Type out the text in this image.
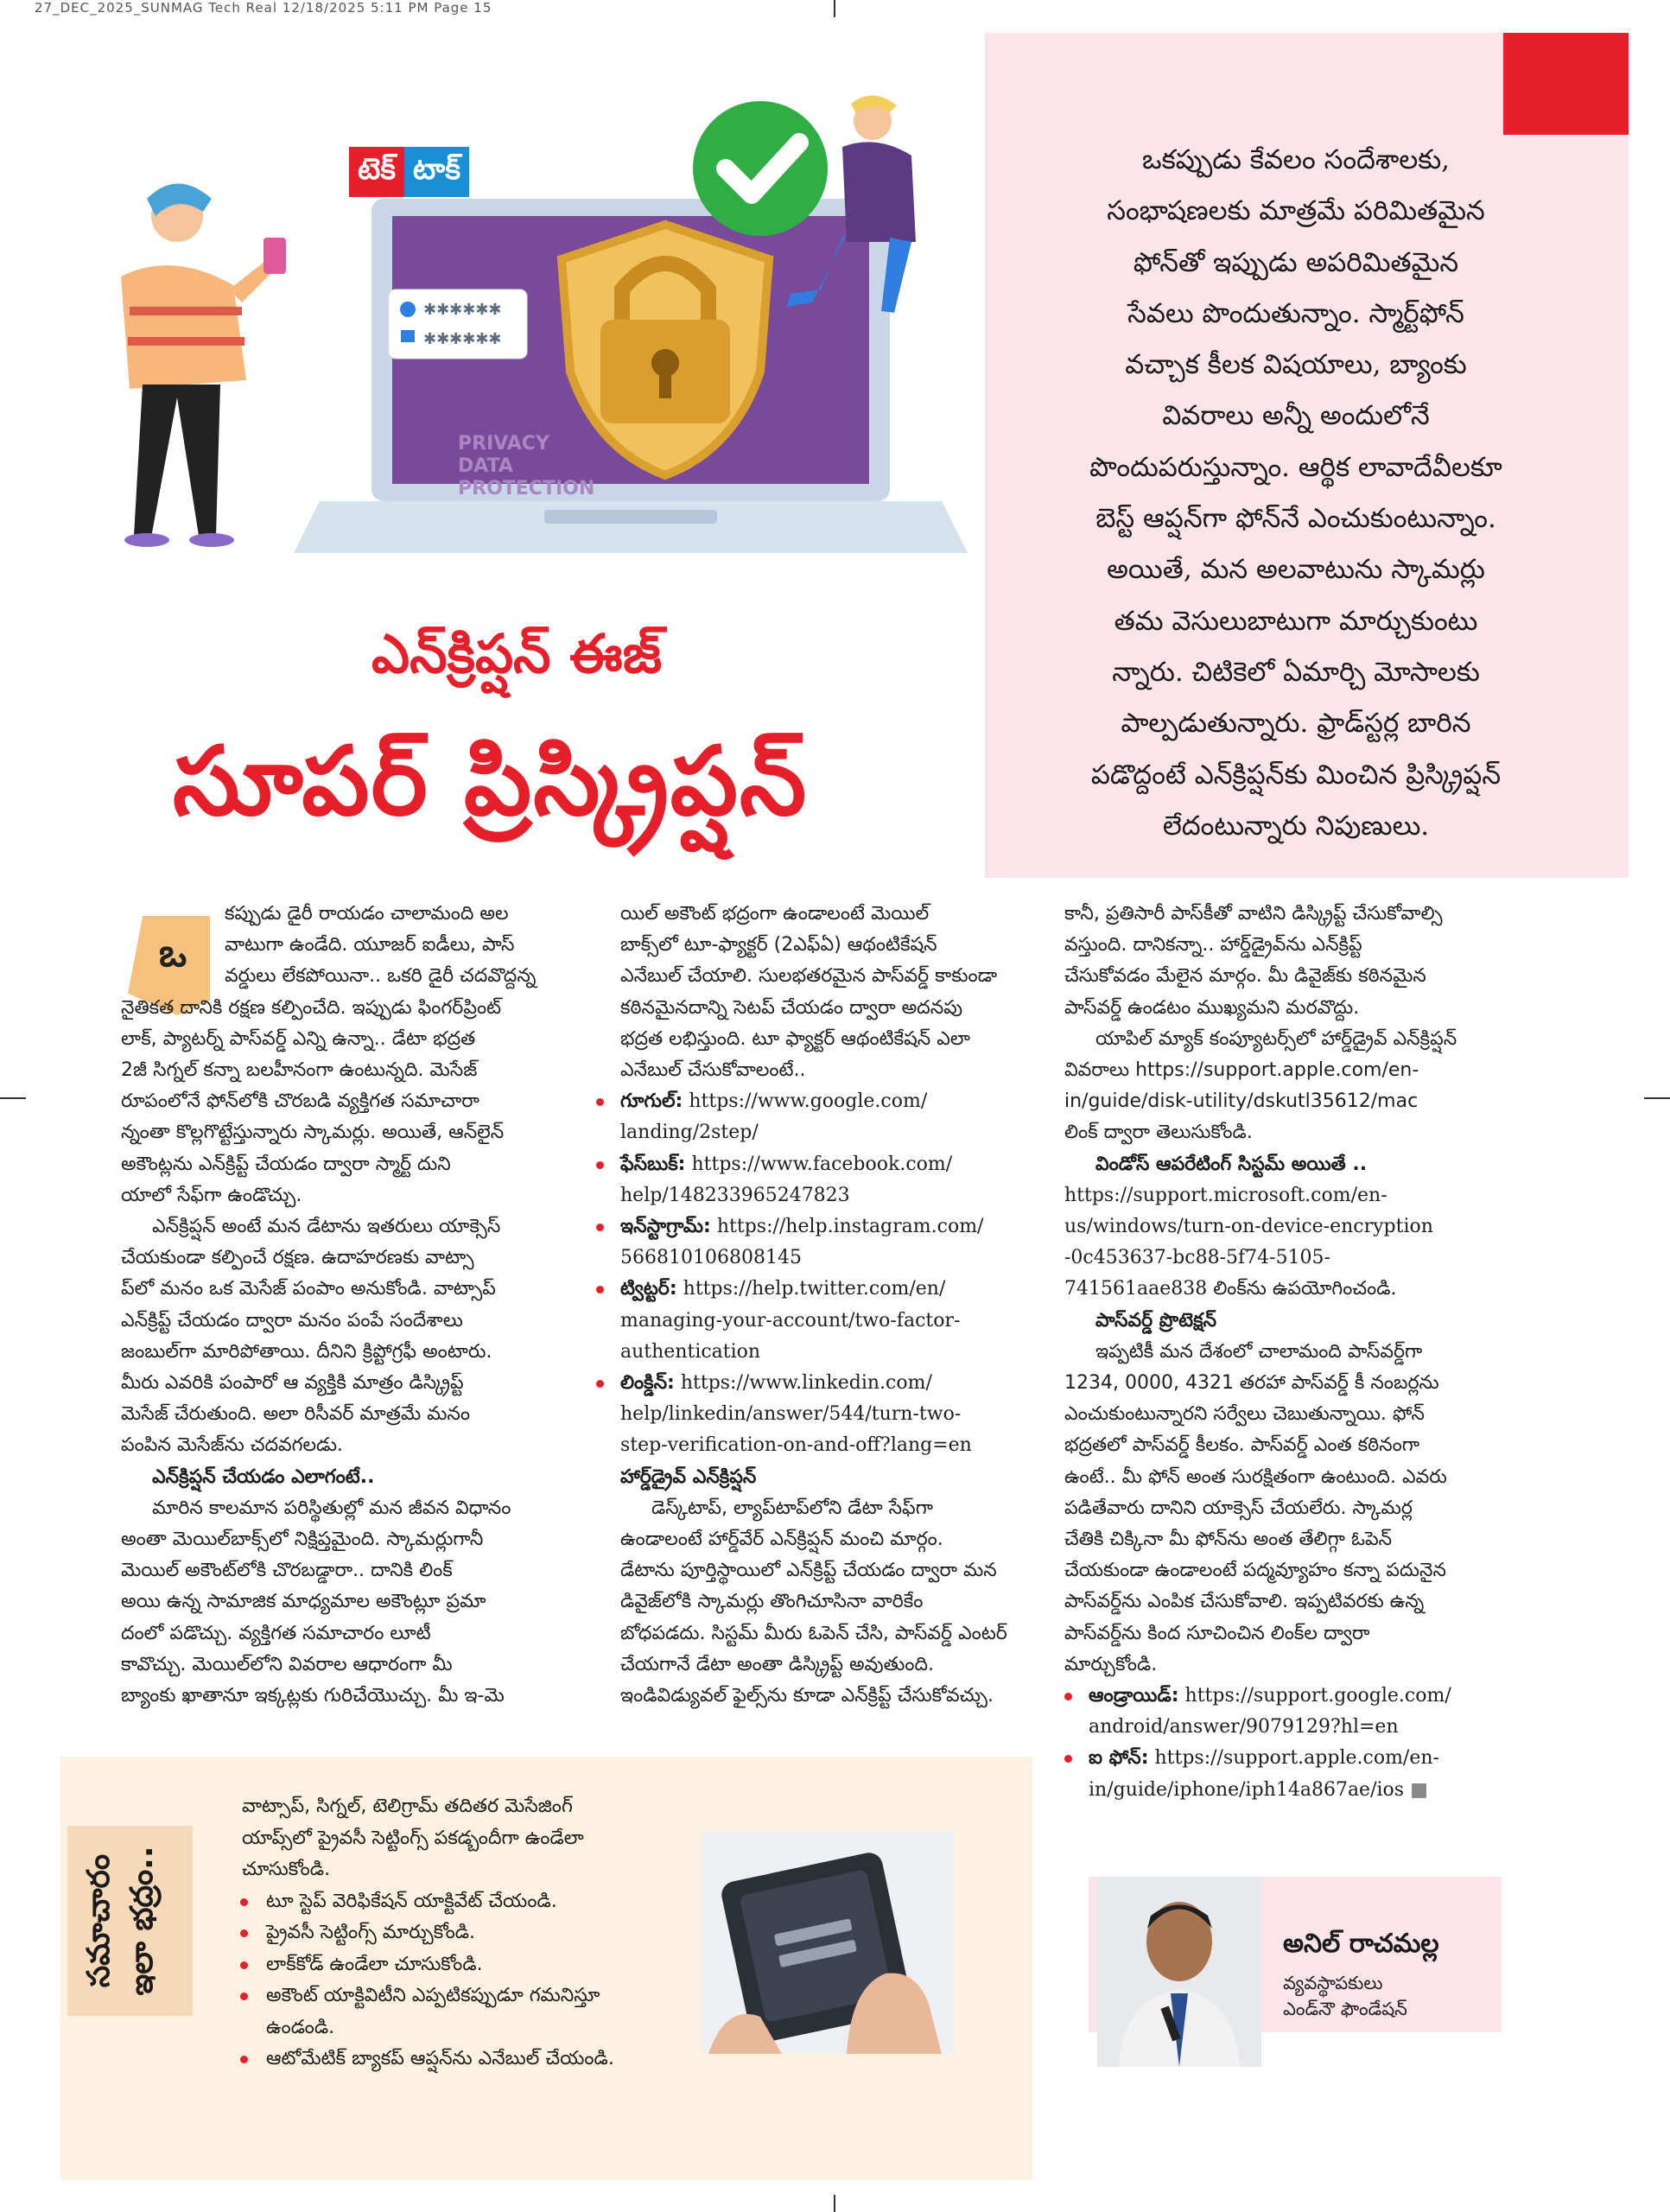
27_DEC_2025_SUNMAG Tech Real 12/18/2025 5:11 PM Page 15
ఒకప్పుడు కేవలం సందేశాలకు,
సంభాషణలకు మాత్రమే పరిమితమైన
ఫోన్‌తో ఇప్పుడు అపరిమితమైన
సేవలు పొందుతున్నాం. స్మార్ట్‌ఫోన్
వచ్చాక కీలక విషయాలు, బ్యాంకు
వివరాలు అన్నీ అందులోనే
పొందుపరుస్తున్నాం. ఆర్థిక లావాదేవీలకూ
బెస్ట్ ఆప్షన్‌గా ఫోన్‌నే ఎంచుకుంటున్నాం.
అయితే, మన అలవాటును స్కామర్లు
తమ వెసులుబాటుగా మార్చుకుంటు
న్నారు. చిటికెలో ఏమార్చి మోసాలకు
పాల్పడుతున్నారు. ఫ్రాడ్‌స్టర్ల బారిన
పడొద్దంటే ఎన్‌క్రిప్షన్‌కు మించిన ప్రిస్క్రిప్షన్
లేదంటున్నారు నిపుణులు.
PRIVACY
DATA
PROTECTION
✱✱✱✱✱✱
✱✱✱✱✱✱
టెక్ టాక్
ఎన్‌క్రిప్షన్ ఈజ్
సూపర్ ప్రిస్క్రిప్షన్
ఒ

కప్పుడు డైరీ రాయడం చాలామంది అల
వాటుగా ఉండేది. యూజర్ ఐడీలు, పాస్
వర్డులు లేకపోయినా.. ఒకరి డైరీ చదవొద్దన్న

నైతికత దానికి రక్షణ కల్పించేది. ఇప్పుడు ఫింగర్‌ప్రింట్
లాక్, ప్యాటర్న్ పాస్‌వర్డ్ ఎన్ని ఉన్నా.. డేటా భద్రత
2జీ సిగ్నల్ కన్నా బలహీనంగా ఉంటున్నది. మెసేజ్
రూపంలోనే ఫోన్‌లోకి చొరబడి వ్యక్తిగత సమాచారా
న్నంతా కొల్లగొట్టేస్తున్నారు స్కామర్లు. అయితే, ఆన్‌లైన్
అకౌంట్లను ఎన్‌క్రిప్ట్ చేయడం ద్వారా స్మార్ట్ దుని
యాలో సేఫ్‌గా ఉండొచ్చు.

ఎన్‌క్రిప్షన్ అంటే మన డేటాను ఇతరులు యాక్సెస్
చేయకుండా కల్పించే రక్షణ. ఉదాహరణకు వాట్సా
ప్‌లో మనం ఒక మెసేజ్ పంపాం అనుకోండి. వాట్సాప్
ఎన్‌క్రిప్ట్ చేయడం ద్వారా మనం పంపే సందేశాలు
జంబుల్‌గా మారిపోతాయి. దీనిని క్రిప్టోగ్రఫీ అంటారు.
మీరు ఎవరికి పంపారో ఆ వ్యక్తికి మాత్రం డిస్క్రిప్ట్
మెసేజ్ చేరుతుంది. అలా రిసీవర్ మాత్రమే మనం
పంపిన మెసేజ్‌ను చదవగలడు.

ఎన్‌క్రిప్షన్ చేయడం ఎలాగంటే..

మారిన కాలమాన పరిస్థితుల్లో మన జీవన విధానం
అంతా మెయిల్‌బాక్స్‌లో నిక్షిప్తమైంది. స్కామర్లుగానీ
మెయిల్ అకౌంట్‌లోకి చొరబడ్డారా.. దానికి లింక్
అయి ఉన్న సామాజిక మాధ్యమాల అకౌంట్లూ ప్రమా
దంలో పడొచ్చు. వ్యక్తిగత సమాచారం లూటీ
కావొచ్చు. మెయిల్‌లోని వివరాల ఆధారంగా మీ
బ్యాంకు ఖాతానూ ఇక్కట్లకు గురిచేయొచ్చు. మీ ఇ-మె

యిల్ అకౌంట్ భద్రంగా ఉండాలంటే మెయిల్
బాక్స్‌లో టూ-ఫ్యాక్టర్ (2ఎఫ్‌ఏ) ఆథంటికేషన్
ఎనేబుల్ చేయాలి. సులభతరమైన పాస్‌వర్డ్ కాకుండా
కఠినమైనదాన్ని సెటప్ చేయడం ద్వారా అదనపు
భద్రత లభిస్తుంది. టూ ఫ్యాక్టర్ ఆథంటికేషన్ ఎలా
ఎనేబుల్ చేసుకోవాలంటే..

గూగుల్: https://www.google.com/
landing/2step/

ఫేస్‌బుక్: https://www.facebook.com/
help/148233965247823

ఇన్‌స్టాగ్రామ్: https://help.instagram.com/
566810106808145

ట్విట్టర్: https://help.twitter.com/en/
managing-your-account/two-factor-
authentication

లింక్డిన్: https://www.linkedin.com/
help/linkedin/answer/544/turn-two-
step-verification-on-and-off?lang=en

హార్డ్‌డ్రైవ్ ఎన్‌క్రిప్షన్

డెస్క్‌టాప్, ల్యాప్‌టాప్‌లోని డేటా సేఫ్‌గా
ఉండాలంటే హార్డ్‌వేర్ ఎన్‌క్రిప్షన్ మంచి మార్గం.
డేటాను పూర్తిస్థాయిలో ఎన్‌క్రిప్ట్ చేయడం ద్వారా మన
డివైజ్‌లోకి స్కామర్లు తొంగిచూసినా వారికేం
బోధపడదు. సిస్టమ్ మీరు ఓపెన్ చేసి, పాస్‌వర్డ్ ఎంటర్
చేయగానే డేటా అంతా డిస్క్రిప్ట్ అవుతుంది.
ఇండివిడ్యువల్ ఫైల్స్‌ను కూడా ఎన్‌క్రిప్ట్ చేసుకోవచ్చు.

కానీ, ప్రతిసారీ పాస్‌కీతో వాటిని డిస్క్రిప్ట్ చేసుకోవాల్సి
వస్తుంది. దానికన్నా.. హార్డ్‌డ్రైవ్‌ను ఎన్‌క్రిప్ట్
చేసుకోవడం మేలైన మార్గం. మీ డివైజ్‌కు కఠినమైన
పాస్‌వర్డ్ ఉండటం ముఖ్యమని మరవొద్దు.

యాపిల్ మ్యాక్ కంప్యూటర్స్‌లో హార్డ్‌డ్రైవ్ ఎన్‌క్రిప్షన్
వివరాలు https://support.apple.com/en-
in/guide/disk-utility/dskutl35612/mac
లింక్ ద్వారా తెలుసుకోండి.

విండోస్ ఆపరేటింగ్ సిస్టమ్ అయితే ..

https://support.microsoft.com/en-
us/windows/turn-on-device-encryption
-0c453637-bc88-5f74-5105-
741561aae838 లింక్‌ను ఉపయోగించండి.

పాస్‌వర్డ్ ప్రొటెక్షన్

ఇప్పటికీ మన దేశంలో చాలామంది పాస్‌వర్డ్‌గా
1234, 0000, 4321 తరహా పాస్‌వర్డ్ కీ నంబర్లను
ఎంచుకుంటున్నారని సర్వేలు చెబుతున్నాయి. ఫోన్
భద్రతలో పాస్‌వర్డ్ కీలకం. పాస్‌వర్డ్ ఎంత కఠినంగా
ఉంటే.. మీ ఫోన్ అంత సురక్షితంగా ఉంటుంది. ఎవరు
పడితేవారు దానిని యాక్సెస్ చేయలేరు. స్కామర్ల
చేతికి చిక్కినా మీ ఫోన్‌ను అంత తేలిగ్గా ఓపెన్
చేయకుండా ఉండాలంటే పద్మవ్యూహం కన్నా పదునైన
పాస్‌వర్డ్‌ను ఎంపిక చేసుకోవాలి. ఇప్పటివరకు ఉన్న
పాస్‌వర్డ్‌ను కింద సూచించిన లింక్‌ల ద్వారా
మార్చుకోండి.

ఆండ్రాయిడ్: https://support.google.com/
android/answer/9079129?hl=en

ఐ ఫోన్: https://support.apple.com/en-
in/guide/iphone/iph14a867ae/ios ■

సమాచారం
ఇలా భద్రం..

వాట్సాప్, సిగ్నల్, టెలిగ్రామ్ తదితర మెసేజింగ్
యాప్స్‌లో ప్రైవసీ సెట్టింగ్స్ పకడ్బందీగా ఉండేలా
చూసుకోండి.

టూ స్టెప్ వెరిఫికేషన్ యాక్టివేట్ చేయండి.
ప్రైవసీ సెట్టింగ్స్ మార్చుకోండి.
లాక్‌కోడ్ ఉండేలా చూసుకోండి.
అకౌంట్ యాక్టివిటీని ఎప్పటికప్పుడూ గమనిస్తూ
ఉండండి.
ఆటోమేటిక్ బ్యాకప్ ఆప్షన్‌ను ఎనేబుల్ చేయండి.
అనిల్ రాచమల్ల
వ్యవస్థాపకులు
ఎండ్‌నౌ ఫౌండేషన్
